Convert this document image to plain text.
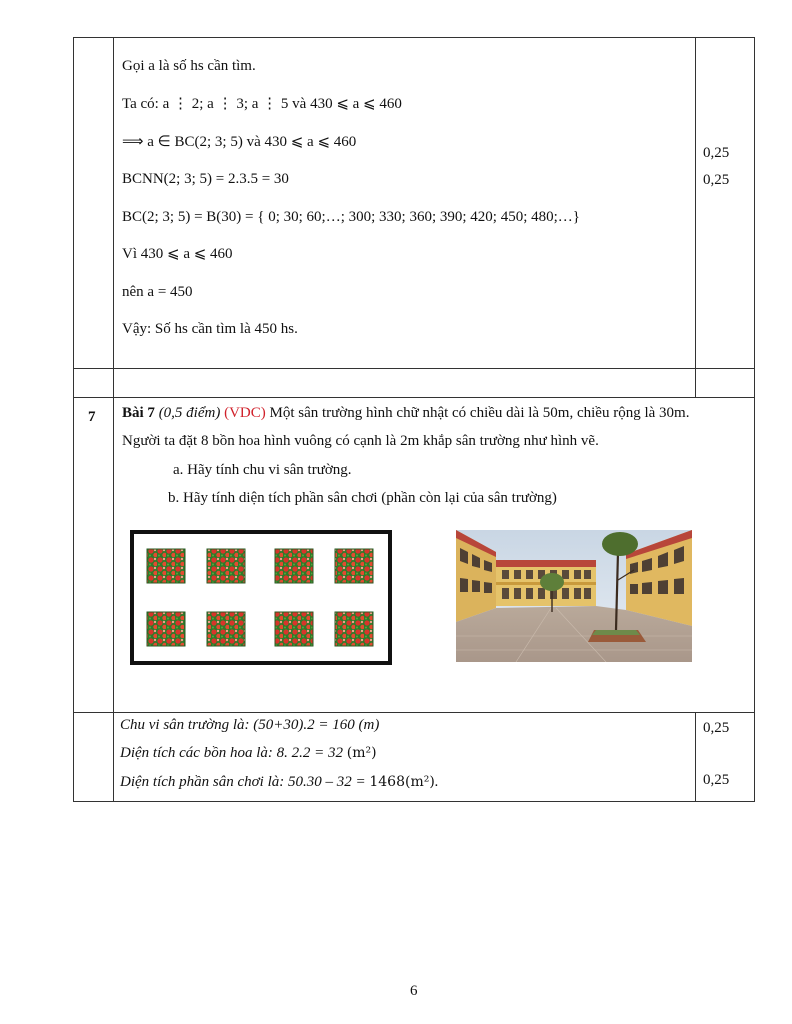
Gọi a là số hs cần tìm.
Ta có: a ⋮ 2; a ⋮ 3; a ⋮ 5 và 430 ⩽ a ⩽ 460
⟹ a ∈ BC(2; 3; 5) và 430 ⩽ a ⩽ 460
BCNN(2; 3; 5) = 2.3.5 = 30
BC(2; 3; 5) = B(30) = { 0; 30; 60;…; 300; 330; 360; 390; 420; 450; 480;…}
Vì 430 ⩽ a ⩽ 460
nên a = 450
Vậy: Số hs cần tìm là 450 hs.
0,25
0,25
7 Bài 7 (0,5 điểm) (VDC) Một sân trường hình chữ nhật có chiều dài là 50m, chiều rộng là 30m.
Người ta đặt 8 bồn hoa hình vuông có cạnh là 2m khắp sân trường như hình vẽ.
a. Hãy tính chu vi sân trường.
b. Hãy tính diện tích phần sân chơi (phần còn lại của sân trường)
Chu vi sân trường là: (50+30).2 = 160 (m)
Diện tích các bồn hoa là: 8. 2.2 = 32 (m²)
Diện tích phần sân chơi là: 50.30 – 32 = 1468(m²).
0,25
0,25
6
